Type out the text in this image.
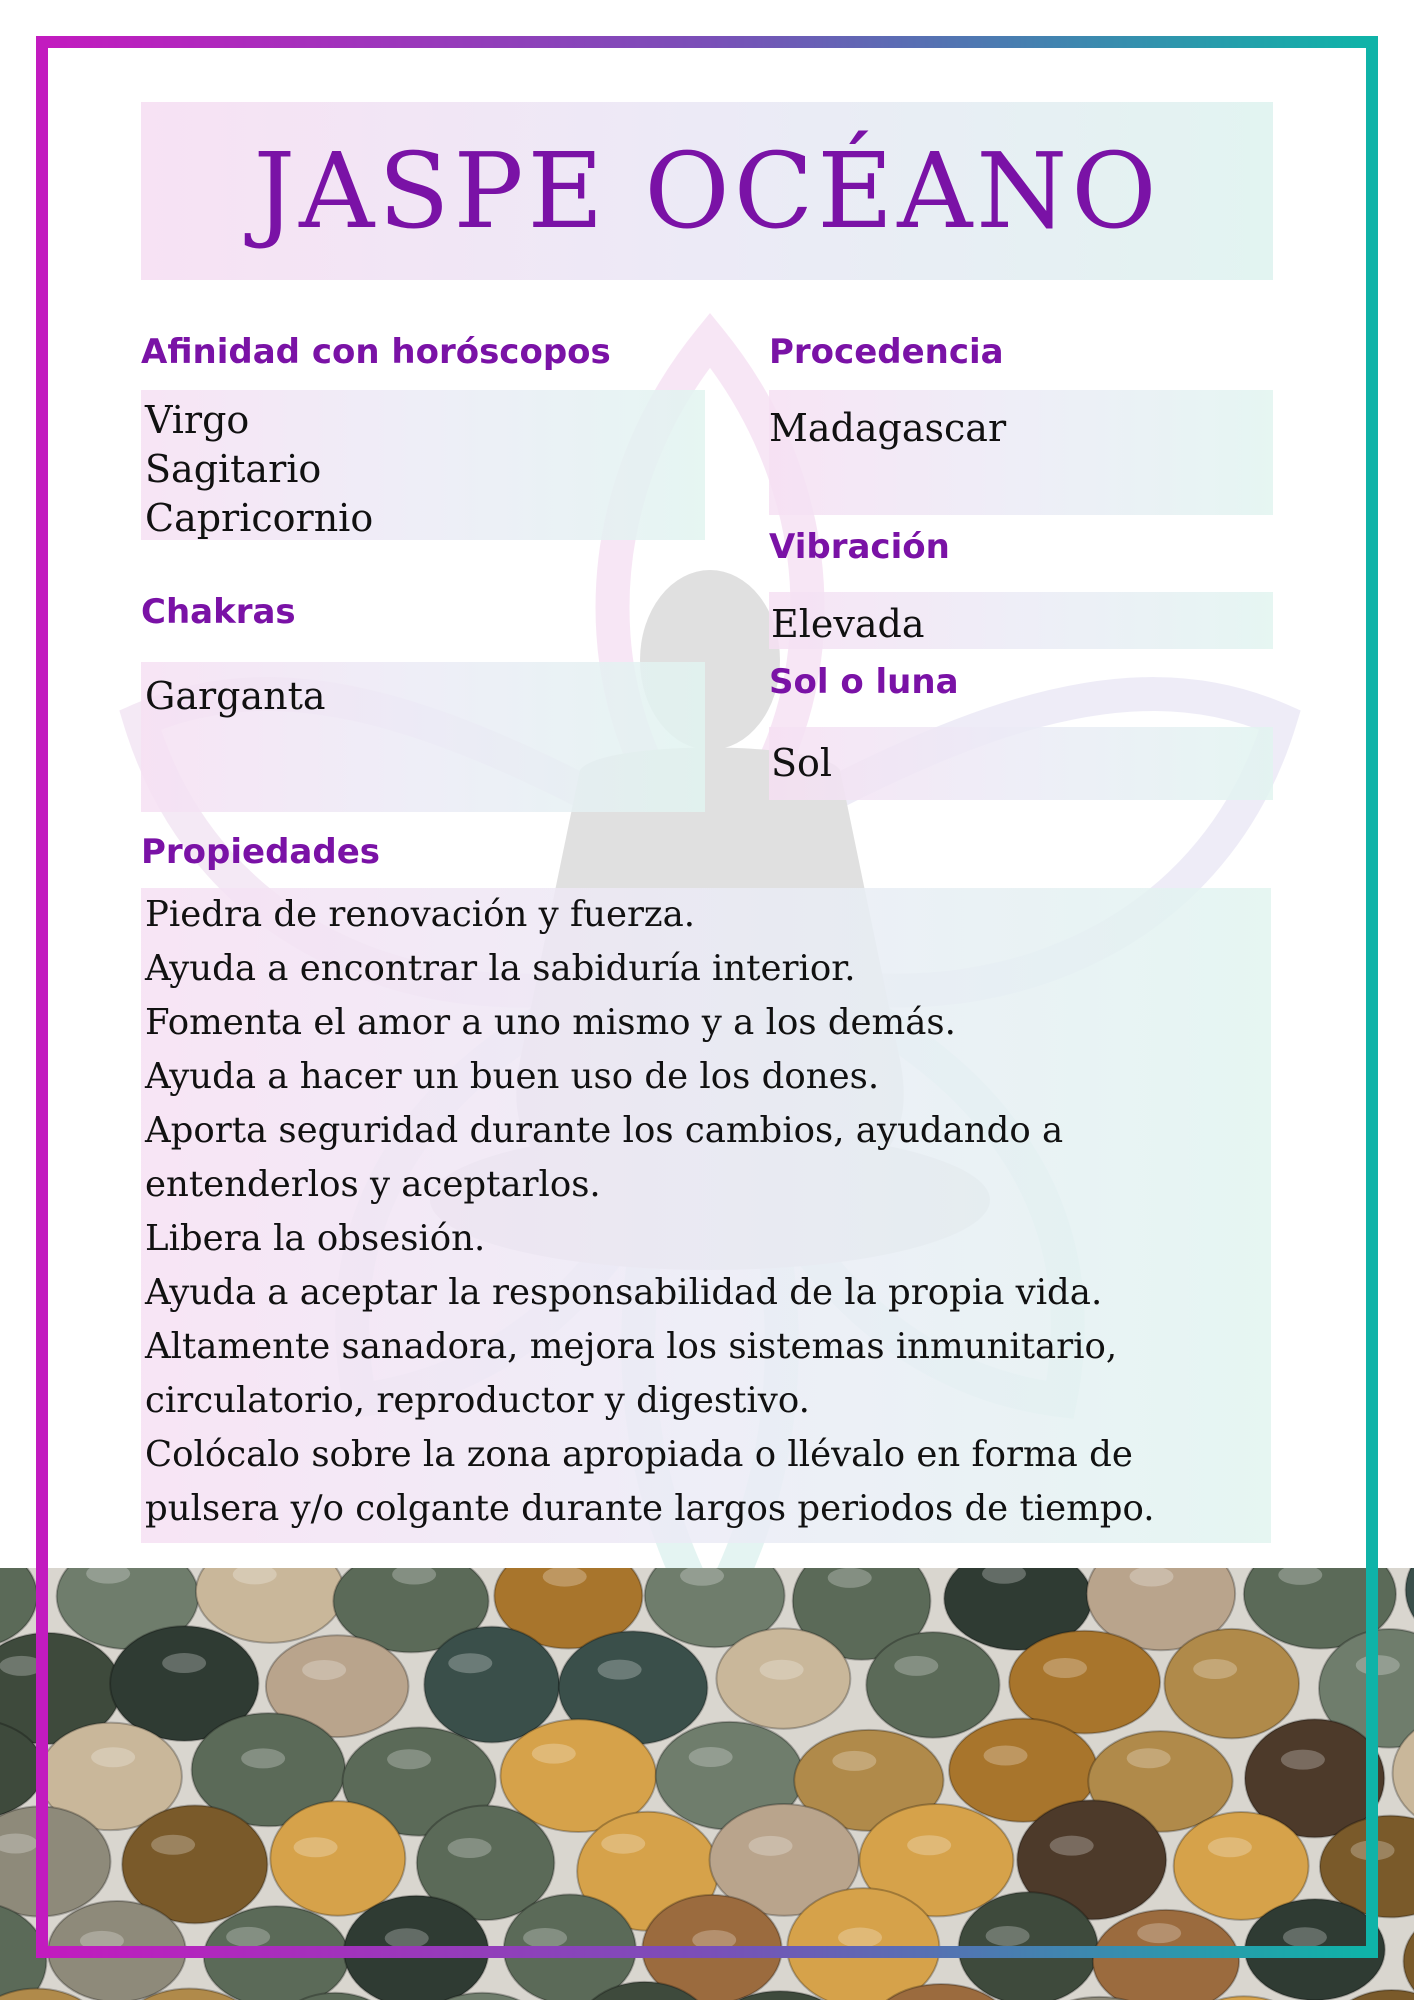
JASPE OCÉANO
Afinidad con horóscopos
Virgo
Sagitario
Capricornio
Procedencia
Madagascar
Vibración
Elevada
Chakras
Garganta	Sol o luna
Sol
Propiedades
Piedra de renovación y fuerza.
Ayuda a encontrar la sabiduría interior.
Fomenta el amor a uno mismo y a los demás.
Ayuda a hacer un buen uso de los dones.
Aporta seguridad durante los cambios, ayudando a
entenderlos y aceptarlos.
Libera la obsesión.
Ayuda a aceptar la responsabilidad de la propia vida.
Altamente sanadora, mejora los sistemas inmunitario,
circulatorio, reproductor y digestivo.
Colócalo sobre la zona apropiada o llévalo en forma de
pulsera y/o colgante durante largos periodos de tiempo.
